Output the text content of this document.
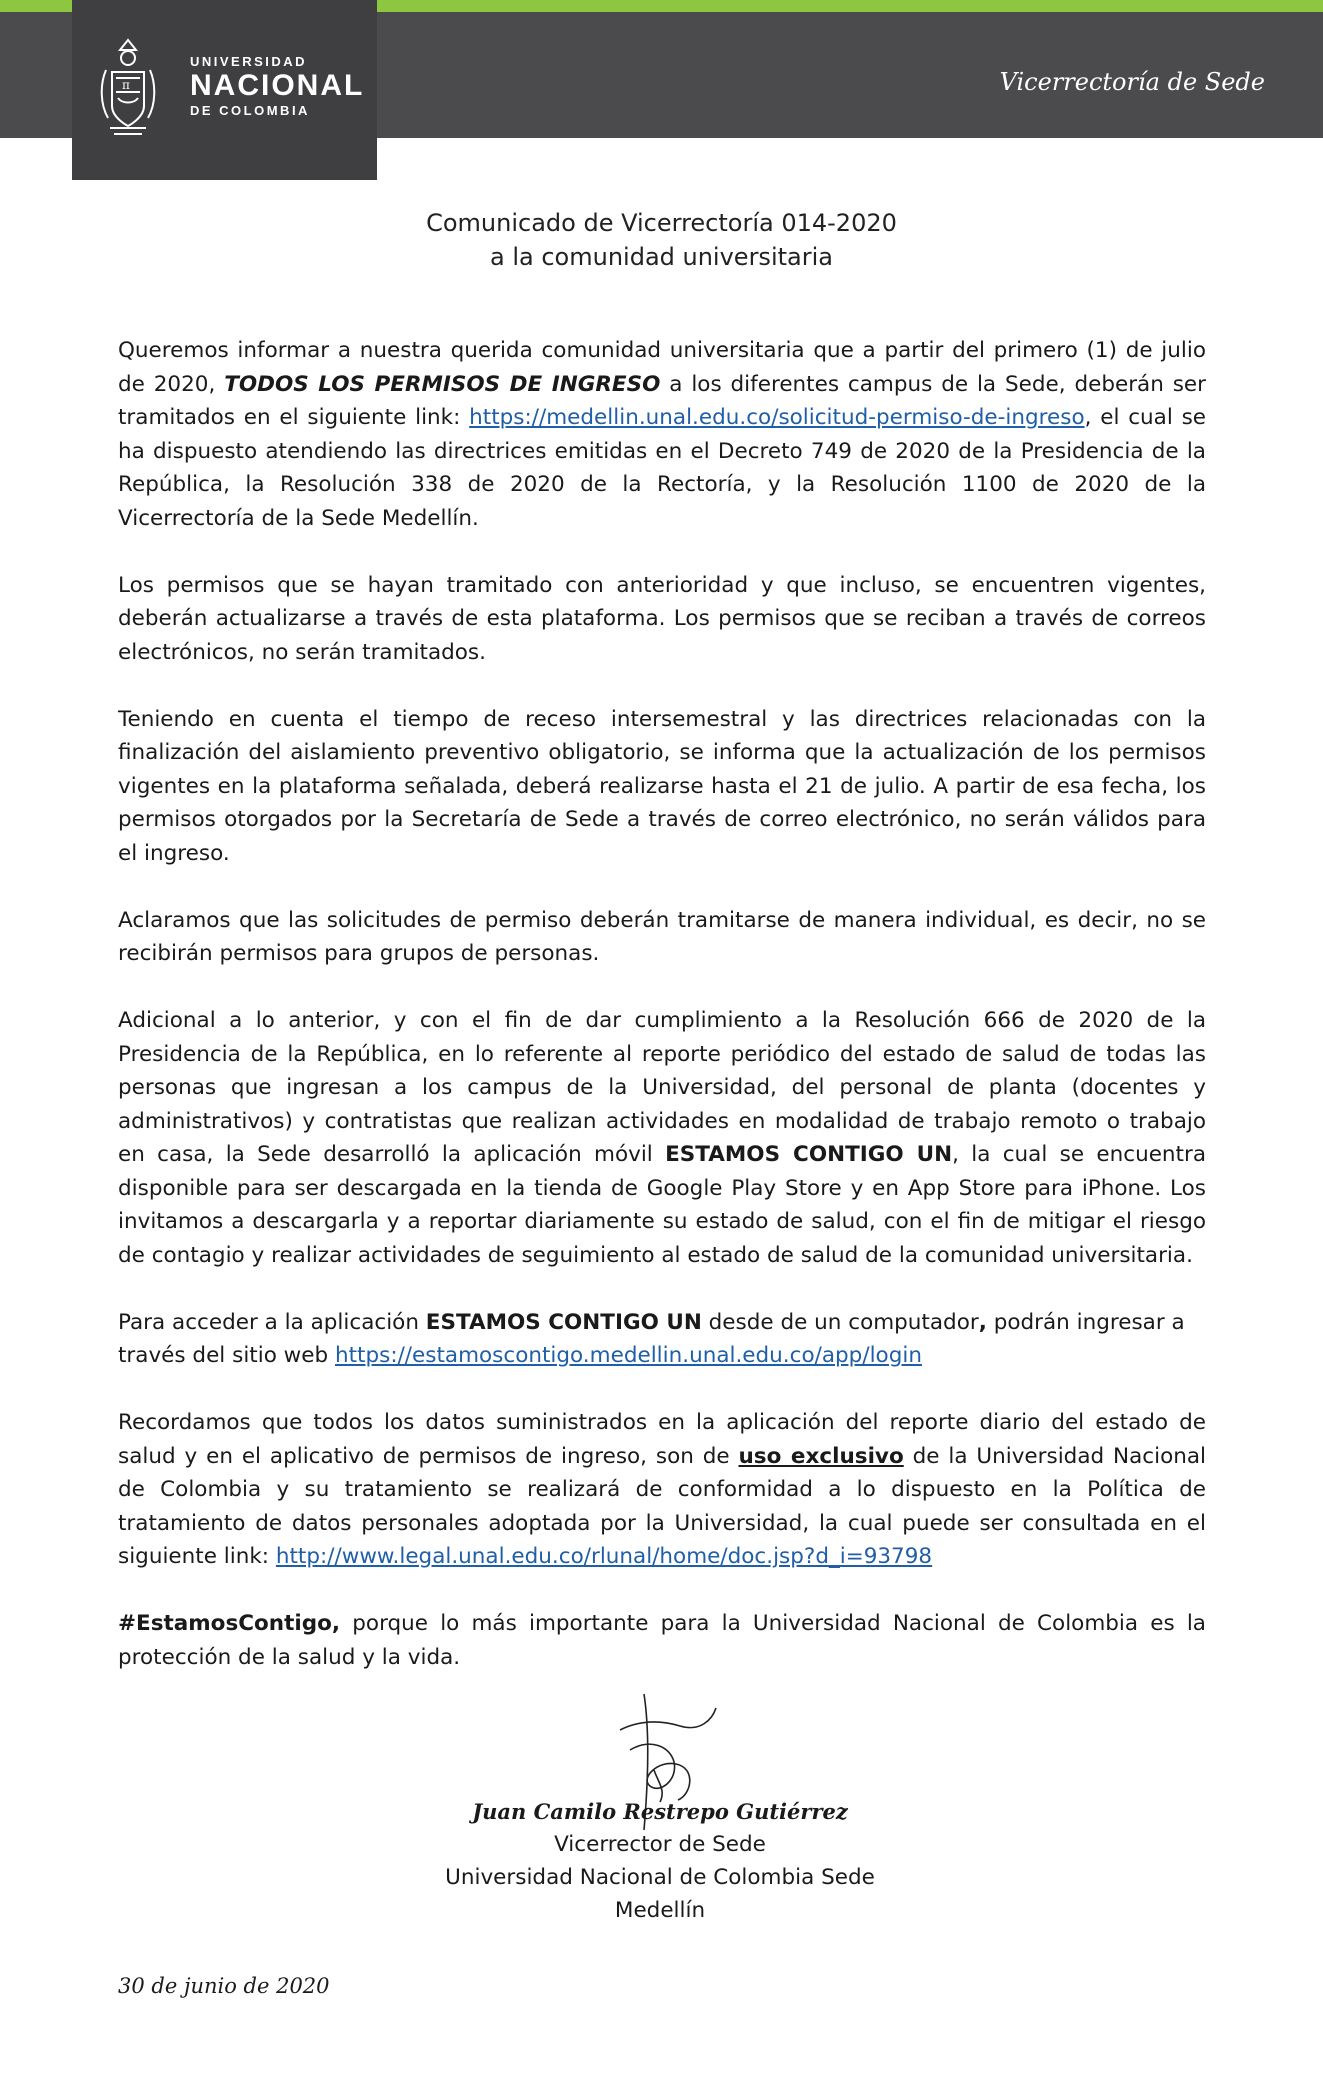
Vicerrectoría de Sede
π
UNIVERSIDAD
NACIONAL
DE COLOMBIA
Comunicado de Vicerrectoría 014-2020
a la comunidad universitaria

Queremos informar a nuestra querida comunidad universitaria que a partir del primero (1) de julio de 2020, TODOS LOS PERMISOS DE INGRESO a los diferentes campus de la Sede, deberán ser tramitados en el siguiente link: https://medellin.unal.edu.co/solicitud-permiso-de-ingreso, el cual se ha dispuesto atendiendo las directrices emitidas en el Decreto 749 de 2020 de la Presidencia de la República, la Resolución 338 de 2020 de la Rectoría, y la Resolución 1100 de 2020 de la Vicerrectoría de la Sede Medellín.

Los permisos que se hayan tramitado con anterioridad y que incluso, se encuentren vigentes, deberán actualizarse a través de esta plataforma. Los permisos que se reciban a través de correos electrónicos, no serán tramitados.

Teniendo en cuenta el tiempo de receso intersemestral y las directrices relacionadas con la finalización del aislamiento preventivo obligatorio, se informa que la actualización de los permisos vigentes en la plataforma señalada, deberá realizarse hasta el 21 de julio. A partir de esa fecha, los permisos otorgados por la Secretaría de Sede a través de correo electrónico, no serán válidos para el ingreso.

Aclaramos que las solicitudes de permiso deberán tramitarse de manera individual, es decir, no se recibirán permisos para grupos de personas.

Adicional a lo anterior, y con el fin de dar cumplimiento a la Resolución 666 de 2020 de la Presidencia de la República, en lo referente al reporte periódico del estado de salud de todas las personas que ingresan a los campus de la Universidad, del personal de planta (docentes y administrativos) y contratistas que realizan actividades en modalidad de trabajo remoto o trabajo en casa, la Sede desarrolló la aplicación móvil ESTAMOS CONTIGO UN, la cual se encuentra disponible para ser descargada en la tienda de Google Play Store y en App Store para iPhone. Los invitamos a descargarla y a reportar diariamente su estado de salud, con el fin de mitigar el riesgo de contagio y realizar actividades de seguimiento al estado de salud de la comunidad universitaria.

Para acceder a la aplicación ESTAMOS CONTIGO UN desde de un computador, podrán ingresar a través del sitio web https://estamoscontigo.medellin.unal.edu.co/app/login

Recordamos que todos los datos suministrados en la aplicación del reporte diario del estado de salud y en el aplicativo de permisos de ingreso, son de uso exclusivo de la Universidad Nacional de Colombia y su tratamiento se realizará de conformidad a lo dispuesto en la Política de tratamiento de datos personales adoptada por la Universidad, la cual puede ser consultada en el siguiente link: http://www.legal.unal.edu.co/rlunal/home/doc.jsp?d_i=93798

#EstamosContigo, porque lo más importante para la Universidad Nacional de Colombia es la protección de la salud y la vida.

Juan Camilo Restrepo Gutiérrez
Vicerrector de Sede
Universidad Nacional de Colombia Sede Medellín
30 de junio de 2020
